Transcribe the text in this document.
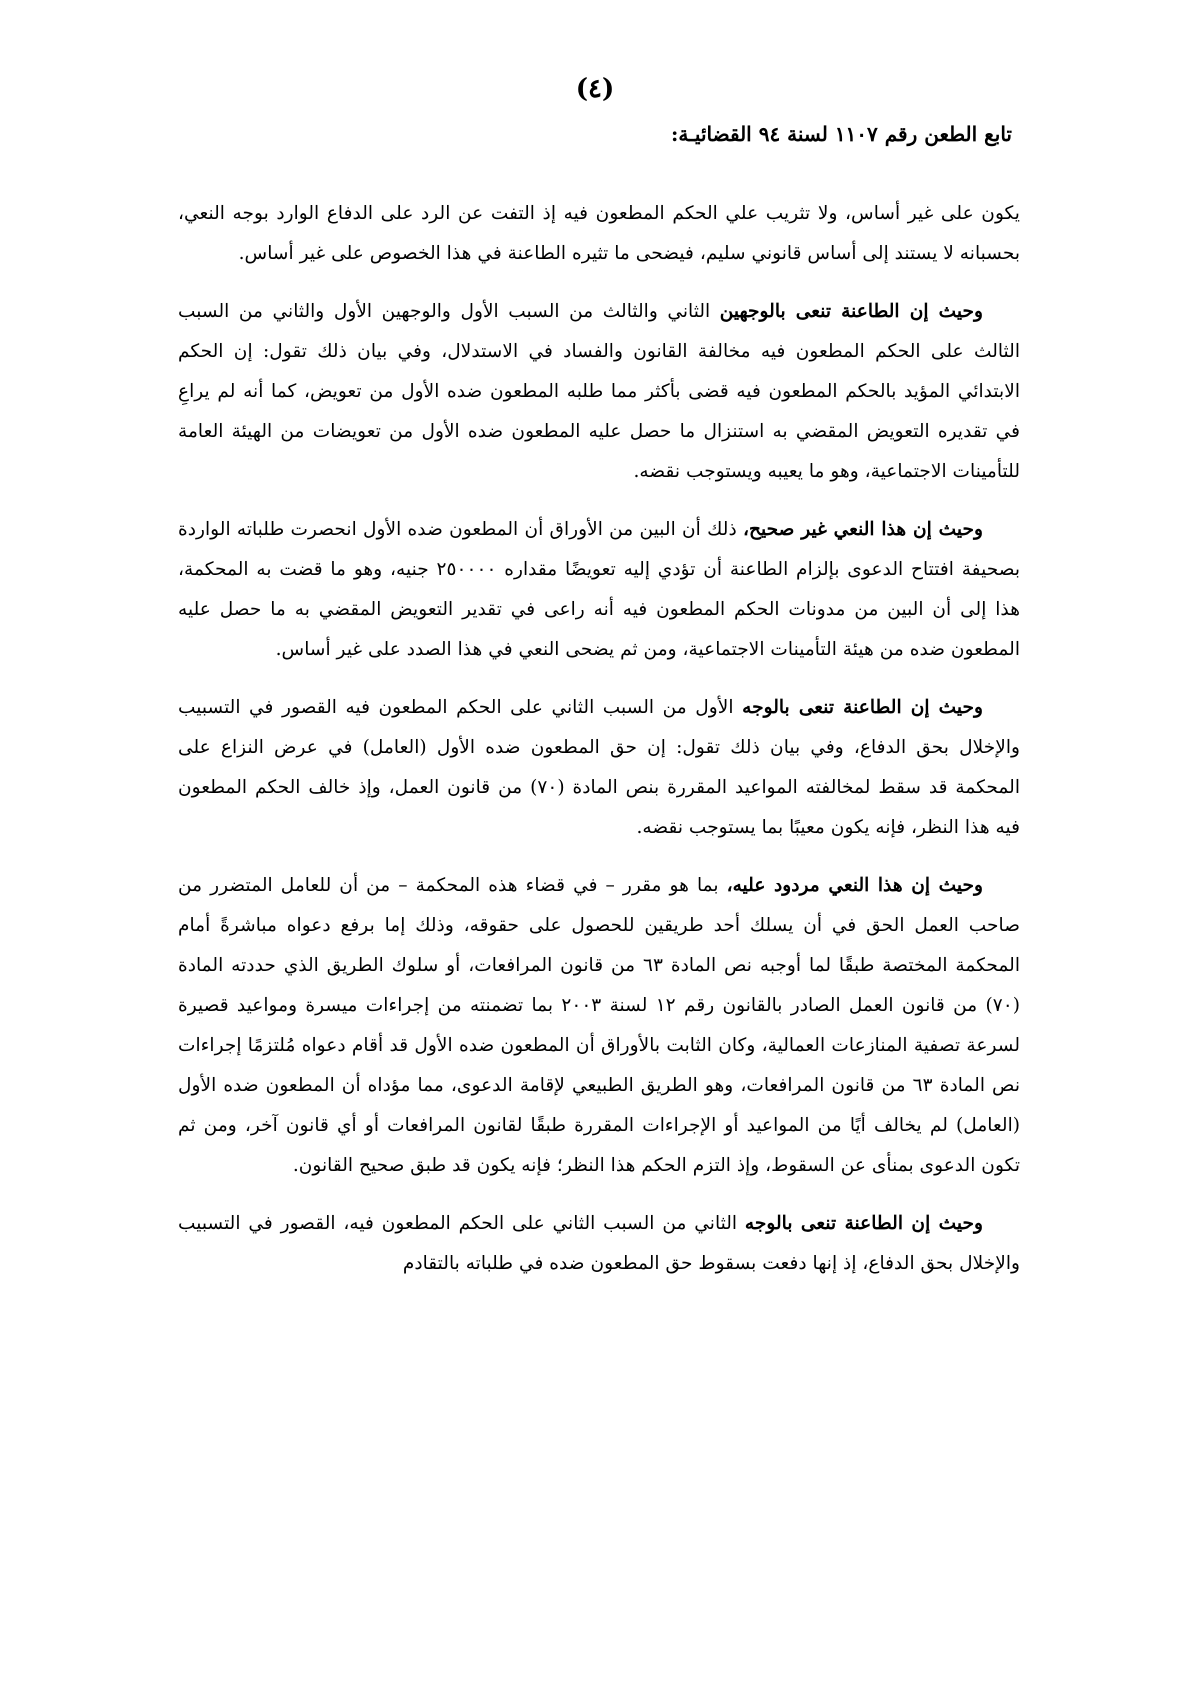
(٤)
تابع الطعن رقم ١١٠٧ لسنة ٩٤ القضائيـة:

يكون على غير أساس، ولا تثريب علي الحكم المطعون فيه إذ التفت عن الرد على الدفاع الوارد بوجه النعي، بحسبانه لا يستند إلى أساس قانوني سليم، فيضحى ما تثيره الطاعنة في هذا الخصوص على غير أساس.

وحيث إن الطاعنة تنعى بالوجهين الثاني والثالث من السبب الأول والوجهين الأول والثاني من السبب الثالث على الحكم المطعون فيه مخالفة القانون والفساد في الاستدلال، وفي بيان ذلك تقول: إن الحكم الابتدائي المؤيد بالحكم المطعون فيه قضى بأكثر مما طلبه المطعون ضده الأول من تعويض، كما أنه لم يراعِ في تقديره التعويض المقضي به استنزال ما حصل عليه المطعون ضده الأول من تعويضات من الهيئة العامة للتأمينات الاجتماعية، وهو ما يعيبه ويستوجب نقضه.

وحيث إن هذا النعي غير صحيح، ذلك أن البين من الأوراق أن المطعون ضده الأول انحصرت طلباته الواردة بصحيفة افتتاح الدعوى بإلزام الطاعنة أن تؤدي إليه تعويضًا مقداره ٢٥٠٠٠٠ جنيه، وهو ما قضت به المحكمة، هذا إلى أن البين من مدونات الحكم المطعون فيه أنه راعى في تقدير التعويض المقضي به ما حصل عليه المطعون ضده من هيئة التأمينات الاجتماعية، ومن ثم يضحى النعي في هذا الصدد على غير أساس.

وحيث إن الطاعنة تنعى بالوجه الأول من السبب الثاني على الحكم المطعون فيه القصور في التسبيب والإخلال بحق الدفاع، وفي بيان ذلك تقول: إن حق المطعون ضده الأول (العامل) في عرض النزاع على المحكمة قد سقط لمخالفته المواعيد المقررة بنص المادة (٧٠) من قانون العمل، وإذ خالف الحكم المطعون فيه هذا النظر، فإنه يكون معيبًا بما يستوجب نقضه.

وحيث إن هذا النعي مردود عليه، بما هو مقرر – في قضاء هذه المحكمة – من أن للعامل المتضرر من صاحب العمل الحق في أن يسلك أحد طريقين للحصول على حقوقه، وذلك إما برفع دعواه مباشرةً أمام المحكمة المختصة طبقًا لما أوجبه نص المادة ٦٣ من قانون المرافعات، أو سلوك الطريق الذي حددته المادة (٧٠) من قانون العمل الصادر بالقانون رقم ١٢ لسنة ٢٠٠٣ بما تضمنته من إجراءات ميسرة ومواعيد قصيرة لسرعة تصفية المنازعات العمالية، وكان الثابت بالأوراق أن المطعون ضده الأول قد أقام دعواه مُلتزمًا إجراءات نص المادة ٦٣ من قانون المرافعات، وهو الطريق الطبيعي لإقامة الدعوى، مما مؤداه أن المطعون ضده الأول (العامل) لم يخالف أيًا من المواعيد أو الإجراءات المقررة طبقًا لقانون المرافعات أو أي قانون آخر، ومن ثم تكون الدعوى بمنأى عن السقوط، وإذ التزم الحكم هذا النظر؛ فإنه يكون قد طبق صحيح القانون.

وحيث إن الطاعنة تنعى بالوجه الثاني من السبب الثاني على الحكم المطعون فيه، القصور في التسبيب والإخلال بحق الدفاع، إذ إنها دفعت بسقوط حق المطعون ضده في طلباته بالتقادم
